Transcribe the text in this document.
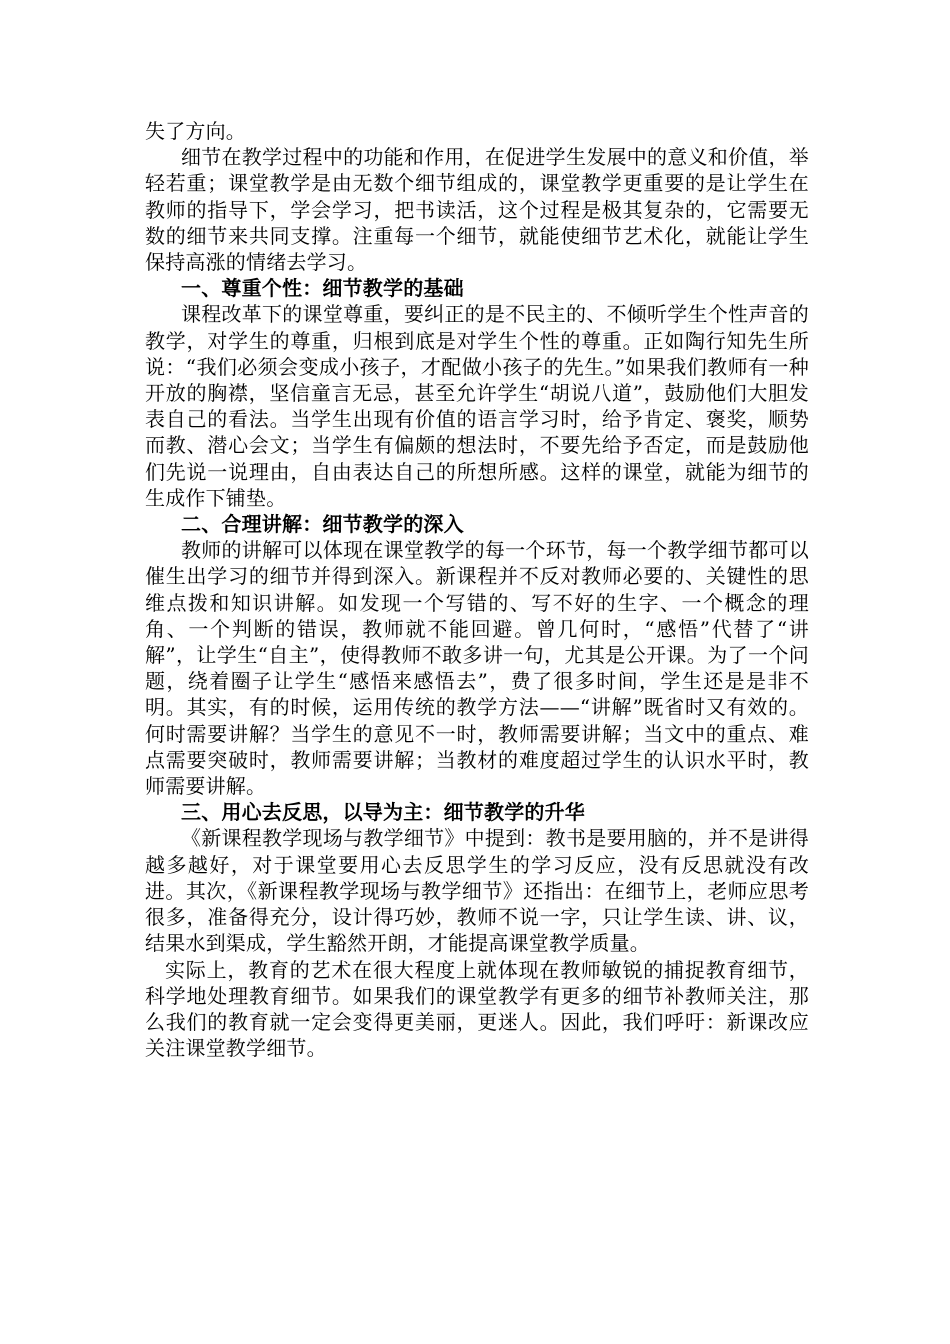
失了方向。

细节在教学过程中的功能和作用，在促进学生发展中的意义和价值，举轻若重；课堂教学是由无数个细节组成的，课堂教学更重要的是让学生在教师的指导下，学会学习，把书读活，这个过程是极其复杂的，它需要无数的细节来共同支撑。注重每一个细节，就能使细节艺术化，就能让学生保持高涨的情绪去学习。

一、尊重个性：细节教学的基础

课程改革下的课堂尊重，要纠正的是不民主的、不倾听学生个性声音的教学，对学生的尊重，归根到底是对学生个性的尊重。正如陶行知先生所说：“我们必须会变成小孩子，才配做小孩子的先生。”如果我们教师有一种开放的胸襟，坚信童言无忌，甚至允许学生“胡说八道”，鼓励他们大胆发表自己的看法。当学生出现有价值的语言学习时，给予肯定、褒奖，顺势而教、潜心会文；当学生有偏颇的想法时，不要先给予否定，而是鼓励他们先说一说理由，自由表达自己的所想所感。这样的课堂，就能为细节的生成作下铺垫。

二、合理讲解：细节教学的深入

教师的讲解可以体现在课堂教学的每一个环节，每一个教学细节都可以催生出学习的细节并得到深入。新课程并不反对教师必要的、关键性的思维点拨和知识讲解。如发现一个写错的、写不好的生字、一个概念的理角、一个判断的错误，教师就不能回避。曾几何时，“感悟”代替了“讲解”，让学生“自主”，使得教师不敢多讲一句，尤其是公开课。为了一个问题，绕着圈子让学生“感悟来感悟去”，费了很多时间，学生还是是非不明。其实，有的时候，运用传统的教学方法——“讲解”既省时又有效的。何时需要讲解？当学生的意见不一时，教师需要讲解；当文中的重点、难点需要突破时，教师需要讲解；当教材的难度超过学生的认识水平时，教师需要讲解。

三、用心去反思，以导为主：细节教学的升华

《新课程教学现场与教学细节》中提到：教书是要用脑的，并不是讲得越多越好，对于课堂要用心去反思学生的学习反应，没有反思就没有改进。其次，《新课程教学现场与教学细节》还指出：在细节上，老师应思考很多，准备得充分，设计得巧妙，教师不说一字，只让学生读、讲、议，结果水到渠成，学生豁然开朗，才能提高课堂教学质量。

实际上，教育的艺术在很大程度上就体现在教师敏锐的捕捉教育细节，科学地处理教育细节。如果我们的课堂教学有更多的细节补教师关注，那么我们的教育就一定会变得更美丽，更迷人。因此，我们呼吁：新课改应关注课堂教学细节。
